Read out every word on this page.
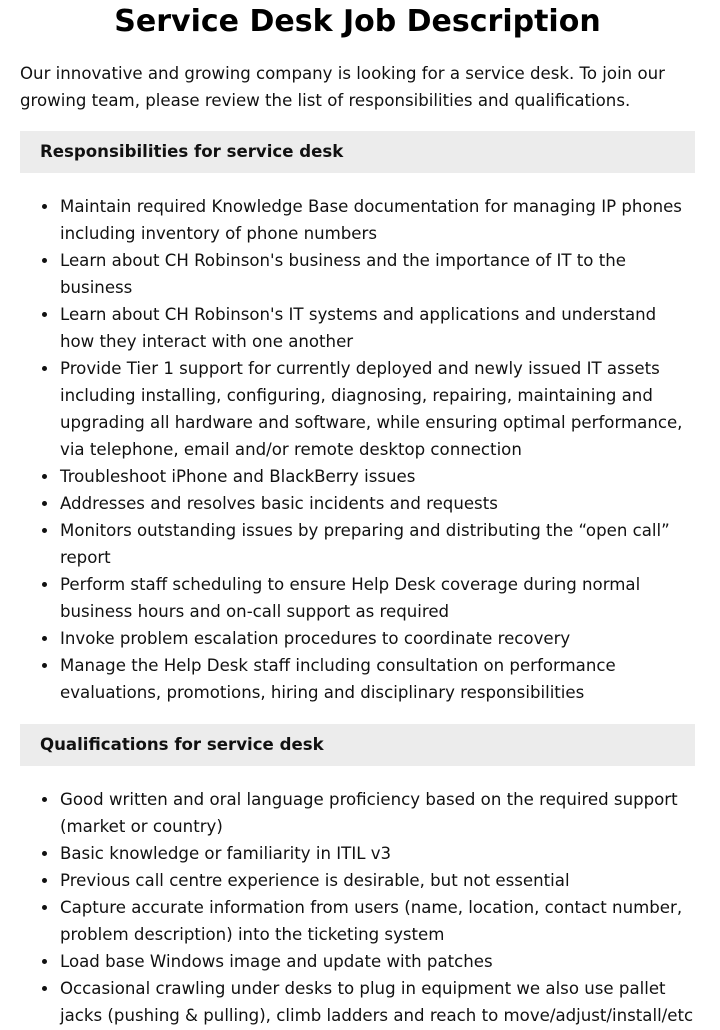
Service Desk Job Description

Our innovative and growing company is looking for a service desk. To join our growing team, please review the list of responsibilities and qualifications.

Responsibilities for service desk
Maintain required Knowledge Base documentation for managing IP phones including inventory of phone numbers
Learn about CH Robinson's business and the importance of IT to the business
Learn about CH Robinson's IT systems and applications and understand how they interact with one another
Provide Tier 1 support for currently deployed and newly issued IT assets including installing, configuring, diagnosing, repairing, maintaining and upgrading all hardware and software, while ensuring optimal performance, via telephone, email and/or remote desktop connection
Troubleshoot iPhone and BlackBerry issues
Addresses and resolves basic incidents and requests
Monitors outstanding issues by preparing and distributing the “open call” report
Perform staff scheduling to ensure Help Desk coverage during normal business hours and on-call support as required
Invoke problem escalation procedures to coordinate recovery
Manage the Help Desk staff including consultation on performance evaluations, promotions, hiring and disciplinary responsibilities
Qualifications for service desk
Good written and oral language proficiency based on the required support (market or country)
Basic knowledge or familiarity in ITIL v3
Previous call centre experience is desirable, but not essential
Capture accurate information from users (name, location, contact number, problem description) into the ticketing system
Load base Windows image and update with patches
Occasional crawling under desks to plug in equipment we also use pallet jacks (pushing & pulling), climb ladders and reach to move/adjust/install/etc
